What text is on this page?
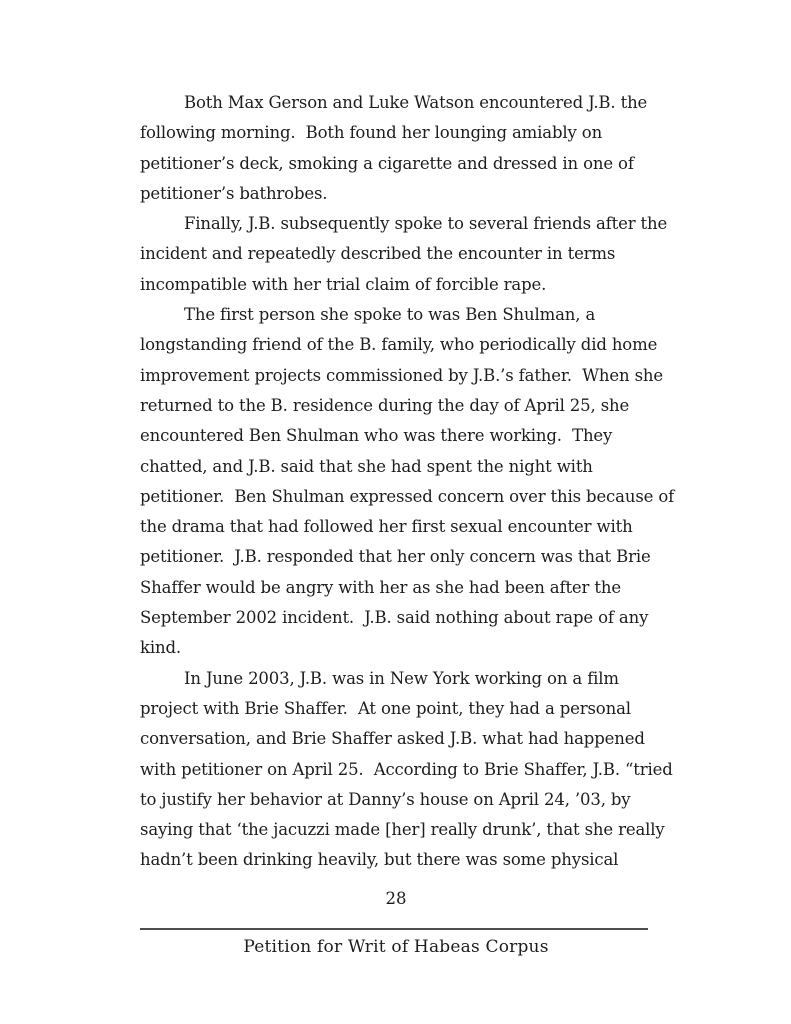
Both Max Gerson and Luke Watson encountered J.B. the
following morning.  Both found her lounging amiably on
petitioner’s deck, smoking a cigarette and dressed in one of
petitioner’s bathrobes.
Finally, J.B. subsequently spoke to several friends after the
incident and repeatedly described the encounter in terms
incompatible with her trial claim of forcible rape.
The first person she spoke to was Ben Shulman, a
longstanding friend of the B. family, who periodically did home
improvement projects commissioned by J.B.’s father.  When she
returned to the B. residence during the day of April 25, she
encountered Ben Shulman who was there working.  They
chatted, and J.B. said that she had spent the night with
petitioner.  Ben Shulman expressed concern over this because of
the drama that had followed her first sexual encounter with
petitioner.  J.B. responded that her only concern was that Brie
Shaffer would be angry with her as she had been after the
September 2002 incident.  J.B. said nothing about rape of any
kind.
In June 2003, J.B. was in New York working on a film
project with Brie Shaffer.  At one point, they had a personal
conversation, and Brie Shaffer asked J.B. what had happened
with petitioner on April 25.  According to Brie Shaffer, J.B. “tried
to justify her behavior at Danny’s house on April 24, ’03, by
saying that ‘the jacuzzi made [her] really drunk’, that she really
hadn’t been drinking heavily, but there was some physical
28
Petition for Writ of Habeas Corpus
